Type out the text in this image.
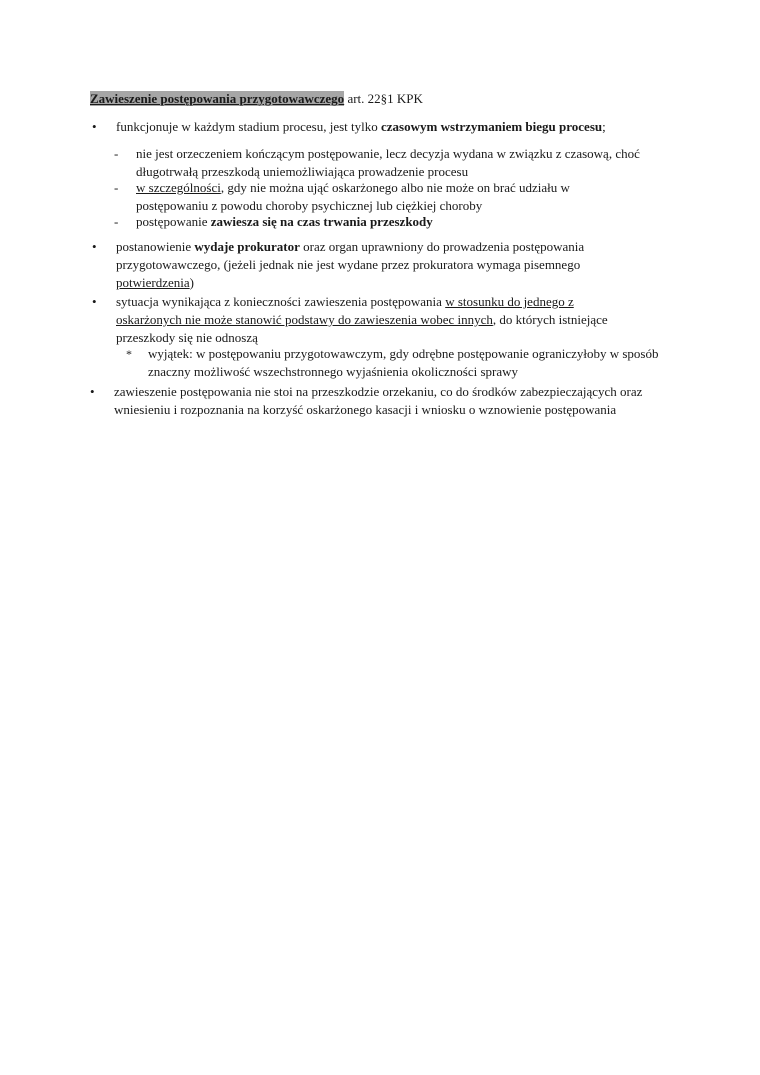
Zawieszenie postępowania przygotowawczego art. 22§1 KPK
• funkcjonuje w każdym stadium procesu, jest tylko czasowym wstrzymaniem biegu procesu;
- nie jest orzeczeniem kończącym postępowanie, lecz decyzja wydana w związku z czasową, choć długotrwałą przeszkodą uniemożliwiająca prowadzenie procesu
- w szczególności, gdy nie można ująć oskarżonego albo nie może on brać udziału w postępowaniu z powodu choroby psychicznej lub ciężkiej choroby
- postępowanie zawiesza się na czas trwania przeszkody
• postanowienie wydaje prokurator oraz organ uprawniony do prowadzenia postępowania przygotowawczego, (jeżeli jednak nie jest wydane przez prokuratora wymaga pisemnego potwierdzenia)
• sytuacja wynikająca z konieczności zawieszenia postępowania w stosunku do jednego z oskarżonych nie może stanowić podstawy do zawieszenia wobec innych, do których istniejące przeszkody się nie odnoszą
* wyjątek: w postępowaniu przygotowawczym, gdy odrębne postępowanie ograniczyłoby w sposób znaczny możliwość wszechstronnego wyjaśnienia okoliczności sprawy
• zawieszenie postępowania nie stoi na przeszkodzie orzekaniu, co do środków zabezpieczających oraz wniesieniu i rozpoznania na korzyść oskarżonego kasacji i wniosku o wznowienie postępowania
